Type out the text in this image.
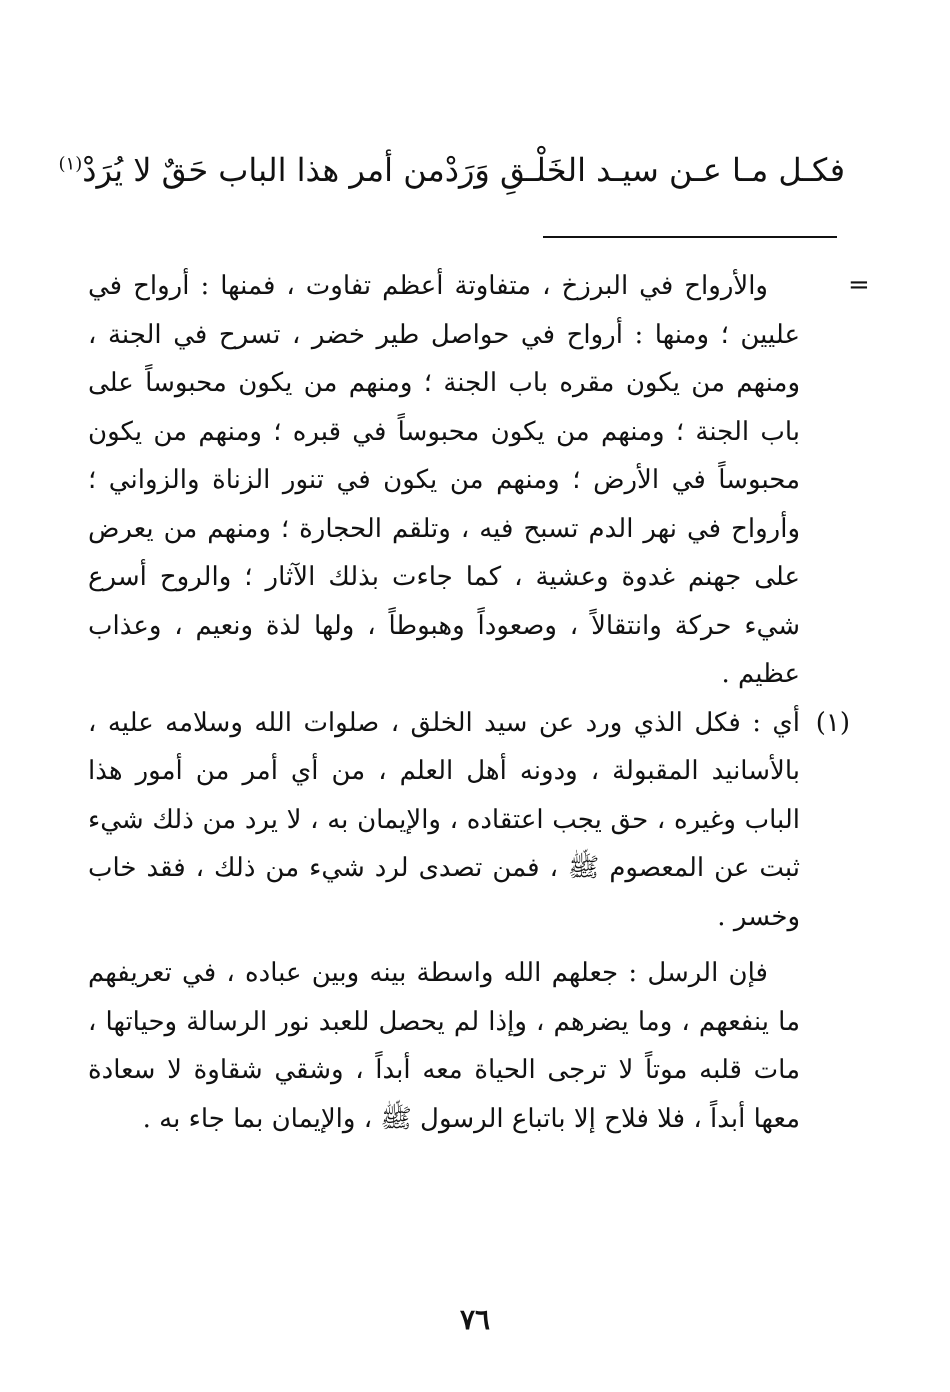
فكـل مـا عـن سيـد الخَلْـقِ وَرَدْ
من أمر هذا الباب حَقٌ لا يُرَدْ$^{(١)}$
=

والأرواح في البرزخ ، متفاوتة أعظم تفاوت ، فمنها : أرواح في عليين ؛ ومنها : أرواح في حواصل طير خضر ، تسرح في الجنة ، ومنهم من يكون مقره باب الجنة ؛ ومنهم من يكون محبوساً على باب الجنة ؛ ومنهم من يكون محبوساً في قبره ؛ ومنهم من يكون محبوساً في الأرض ؛ ومنهم من يكون في تنور الزناة والزواني ؛ وأرواح في نهر الدم تسبح فيه ، وتلقم الحجارة ؛ ومنهم من يعرض على جهنم غدوة وعشية ، كما جاءت بذلك الآثار ؛ والروح أسرع شيء حركة وانتقالاً ، وصعوداً وهبوطاً ، ولها لذة ونعيم ، وعذاب عظيم .

(١)
أي : فكل الذي ورد عن سيد الخلق ، صلوات الله وسلامه عليه ، بالأسانيد المقبولة ، ودونه أهل العلم ، من أي أمر من أمور هذا الباب وغيره ، حق يجب اعتقاده ، والإيمان به ، لا يرد من ذلك شيء ثبت عن المعصوم ﷺ ، فمن تصدى لرد شيء من ذلك ، فقد خاب وخسر .

فإن الرسل : جعلهم الله واسطة بينه وبين عباده ، في تعريفهم ما ينفعهم ، وما يضرهم ، وإذا لم يحصل للعبد نور الرسالة وحياتها ، مات قلبه موتاً لا ترجى الحياة معه أبداً ، وشقي شقاوة لا سعادة معها أبداً ، فلا فلاح إلا باتباع الرسول ﷺ ، والإيمان بما جاء به .

٧٦
